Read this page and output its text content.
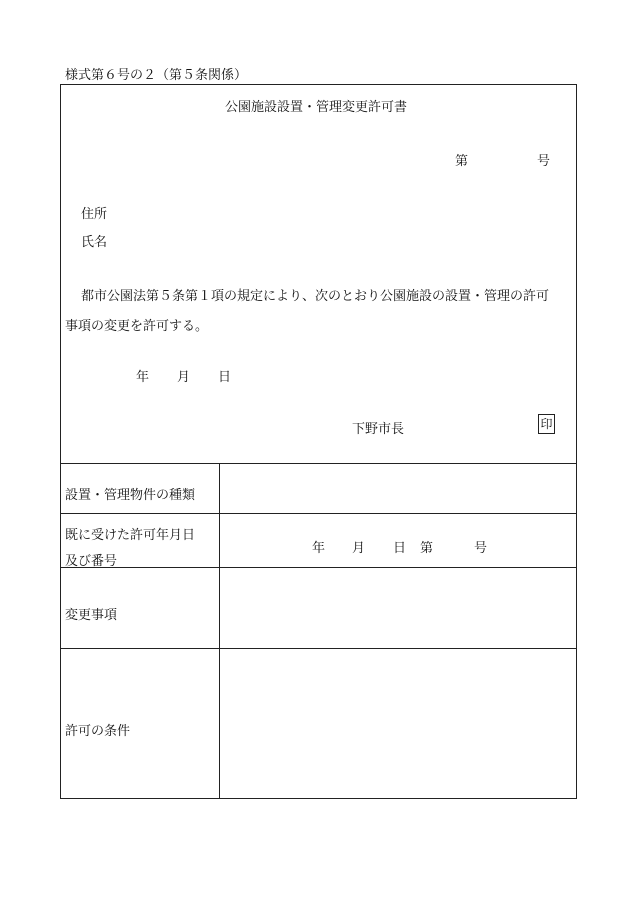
様式第６号の２（第５条関係）
公園施設設置・管理変更許可書
第	号
住所
氏名
都市公園法第５条第１項の規定により、次のとおり公園施設の設置・管理の許可
事項の変更を許可する。
年 月 日
下野市長	印
設置・管理物件の種類
既に受けた許可年月日
及び番号
年 月 日 第	号
変更事項
許可の条件
